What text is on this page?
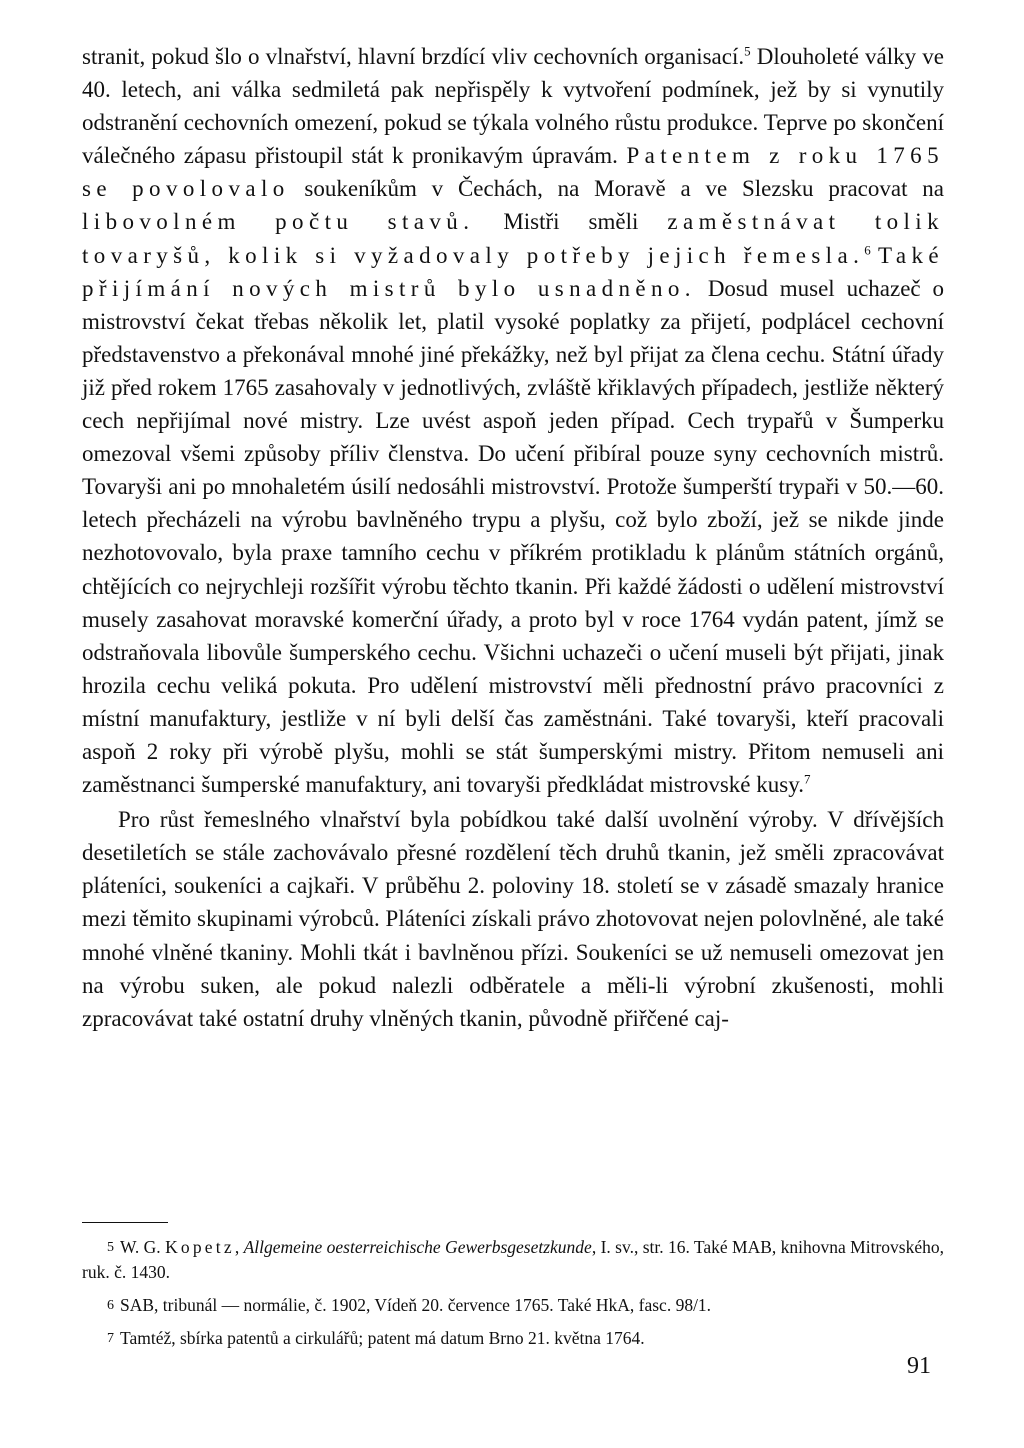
stranit, pokud šlo o vlnařství, hlavní brzdící vliv cechovních organisací.$^5$ Dlouholeté války ve 40. letech, ani válka sedmiletá pak nepřispěly k vytvoření podmínek, jež by si vynutily odstranění cechovních omezení, pokud se týkala volného růstu produkce. Teprve po skončení válečného zápasu přistoupil stát k pronikavým úpravám. Patentem z roku 1765 se povolovalo soukeníkům v Čechách, na Moravě a ve Slezsku pracovat na libovolném počtu stavů. Mistři směli zaměstnávat tolik tovaryšů, kolik si vyžadovaly potřeby jejich řemesla.$^6$ Také přijímání nových mistrů bylo usnadněno. Dosud musel uchazeč o mistrovství čekat třebas několik let, platil vysoké poplatky za přijetí, podplácel cechovní představenstvo a překonával mnohé jiné překážky, než byl přijat za člena cechu. Státní úřady již před rokem 1765 zasahovaly v jednotlivých, zvláště křiklavých případech, jestliže některý cech nepřijímal nové mistry. Lze uvést aspoň jeden případ. Cech trypařů v Šumperku omezoval všemi způsoby příliv členstva. Do učení přibíral pouze syny cechovních mistrů. Tovaryši ani po mnohaletém úsilí nedosáhli mistrovství. Protože šumperští trypaři v 50.—60. letech přecházeli na výrobu bavlněného trypu a plyšu, což bylo zboží, jež se nikde jinde nezhotovovalo, byla praxe tamního cechu v příkrém protikladu k plánům státních orgánů, chtějících co nejrychleji rozšířit výrobu těchto tkanin. Při každé žádosti o udělení mistrovství musely zasahovat moravské komerční úřady, a proto byl v roce 1764 vydán patent, jímž se odstraňovala libovůle šumperského cechu. Všichni uchazeči o učení museli být přijati, jinak hrozila cechu veliká pokuta. Pro udělení mistrovství měli přednostní právo pracovníci z místní manufaktury, jestliže v ní byli delší čas zaměstnáni. Také tovaryši, kteří pracovali aspoň 2 roky při výrobě plyšu, mohli se stát šumperskými mistry. Přitom nemuseli ani zaměstnanci šumperské manufaktury, ani tovaryši předkládat mistrovské kusy.$^7$

Pro růst řemeslného vlnařství byla pobídkou také další uvolnění výroby. V dřívějších desetiletích se stále zachovávalo přesné rozdělení těch druhů tkanin, jež směli zpracovávat pláteníci, soukeníci a cajkaři. V průběhu 2. poloviny 18. století se v zásadě smazaly hranice mezi těmito skupinami výrobců. Pláteníci získali právo zhotovovat nejen polovlněné, ale také mnohé vlněné tkaniny. Mohli tkát i bavlněnou přízi. Soukeníci se už nemuseli omezovat jen na výrobu suken, ale pokud nalezli odběratele a měli-li výrobní zkušenosti, mohli zpracovávat také ostatní druhy vlněných tkanin, původně přiřčené caj-

5 W. G. Kopetz, Allgemeine oesterreichische Gewerbsgesetzkunde, I. sv., str. 16. Také MAB, knihovna Mitrovského, ruk. č. 1430.

6 SAB, tribunál — normálie, č. 1902, Vídeň 20. července 1765. Také HkA, fasc. 98/1.

7 Tamtéž, sbírka patentů a cirkulářů; patent má datum Brno 21. května 1764.

91
